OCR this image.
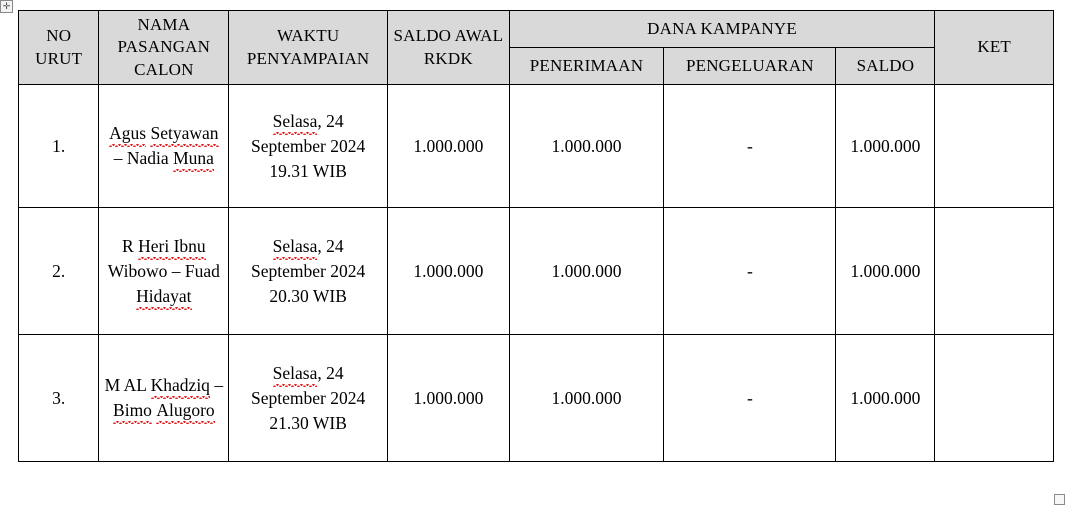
✛
NO URUT	NAMA PASANGAN CALON	WAKTU PENYAMPAIAN	SALDO AWAL RKDK	DANA KAMPANYE			KET
				PENERIMAAN	PENGELUARAN	SALDO	
1.	Agus Setyawan – Nadia Muna	Selasa, 24 September 2024 19.31 WIB	1.000.000	1.000.000	-	1.000.000	
2.	R Heri Ibnu Wibowo – Fuad Hidayat	Selasa, 24 September 2024 20.30 WIB	1.000.000	1.000.000	-	1.000.000	
3.	M AL Khadziq – Bimo Alugoro	Selasa, 24 September 2024 21.30 WIB	1.000.000	1.000.000	-	1.000.000	
